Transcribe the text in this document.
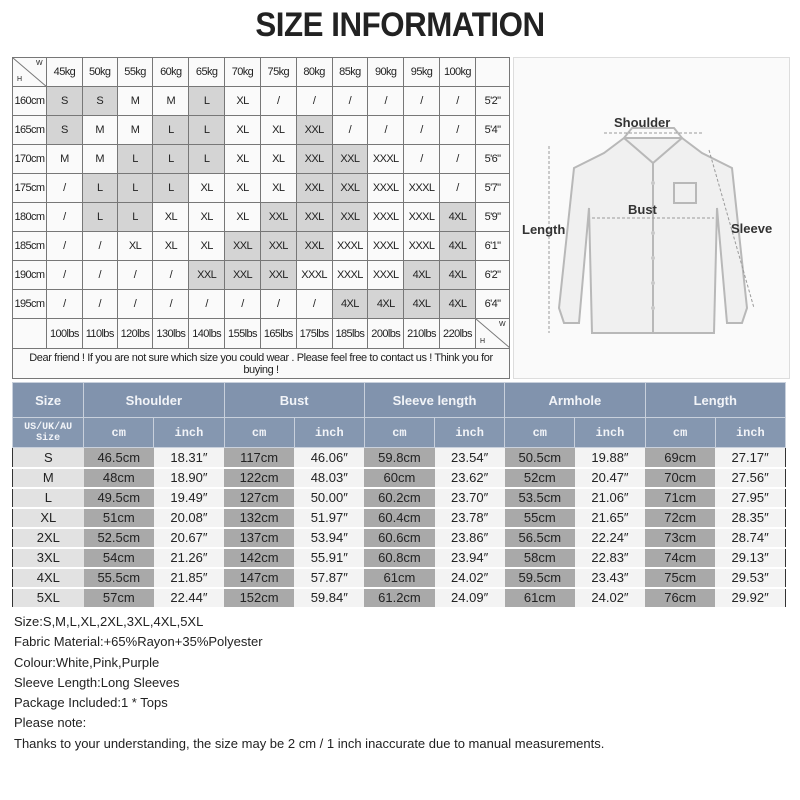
SIZE INFORMATION
H
W	45kg	50kg	55kg	60kg	65kg	70kg	75kg	80kg	85kg	90kg	95kg	100kg	
160cm	S	S	M	M	L	XL	/	/	/	/	/	/	5'2"
165cm	S	M	M	L	L	XL	XL	XXL	/	/	/	/	5'4"
170cm	M	M	L	L	L	XL	XL	XXL	XXL	XXXL	/	/	5'6"
175cm	/	L	L	L	XL	XL	XL	XXL	XXL	XXXL	XXXL	/	5'7"
180cm	/	L	L	XL	XL	XL	XXL	XXL	XXL	XXXL	XXXL	4XL	5'9"
185cm	/	/	XL	XL	XL	XXL	XXL	XXL	XXXL	XXXL	XXXL	4XL	6'1"
190cm	/	/	/	/	XXL	XXL	XXL	XXXL	XXXL	XXXL	4XL	4XL	6'2"
195cm	/	/	/	/	/	/	/	/	4XL	4XL	4XL	4XL	6'4"
	100lbs	110lbs	120lbs	130lbs	140lbs	155lbs	165lbs	175lbs	185lbs	200lbs	210lbs	220lbs	H
W

Dear friend ! If you are not sure which size you could wear . Please feel free to contact us ! Think you for buying !													
Shoulder
Bust
Length	Sleeve
Size	Shoulder		Bust		Sleeve length		Armhole		Length	
US/UK/AU Size	cm	inch	cm	inch	cm	inch	cm	inch	cm	inch
S	46.5cm	18.31″	117cm	46.06″	59.8cm	23.54″	50.5cm	19.88″	69cm	27.17″
M	48cm	18.90″	122cm	48.03″	60cm	23.62″	52cm	20.47″	70cm	27.56″
L	49.5cm	19.49″	127cm	50.00″	60.2cm	23.70″	53.5cm	21.06″	71cm	27.95″
XL	51cm	20.08″	132cm	51.97″	60.4cm	23.78″	55cm	21.65″	72cm	28.35″
2XL	52.5cm	20.67″	137cm	53.94″	60.6cm	23.86″	56.5cm	22.24″	73cm	28.74″
3XL	54cm	21.26″	142cm	55.91″	60.8cm	23.94″	58cm	22.83″	74cm	29.13″
4XL	55.5cm	21.85″	147cm	57.87″	61cm	24.02″	59.5cm	23.43″	75cm	29.53″
5XL	57cm	22.44″	152cm	59.84″	61.2cm	24.09″	61cm	24.02″	76cm	29.92″
Size:S,M,L,XL,2XL,3XL,4XL,5XL
Fabric Material:+65%Rayon+35%Polyester
Colour:White,Pink,Purple
Sleeve Length:Long Sleeves
Package Included:1 * Tops
Please note:
Thanks to your understanding, the size may be 2 cm / 1 inch inaccurate due to manual measurements.
